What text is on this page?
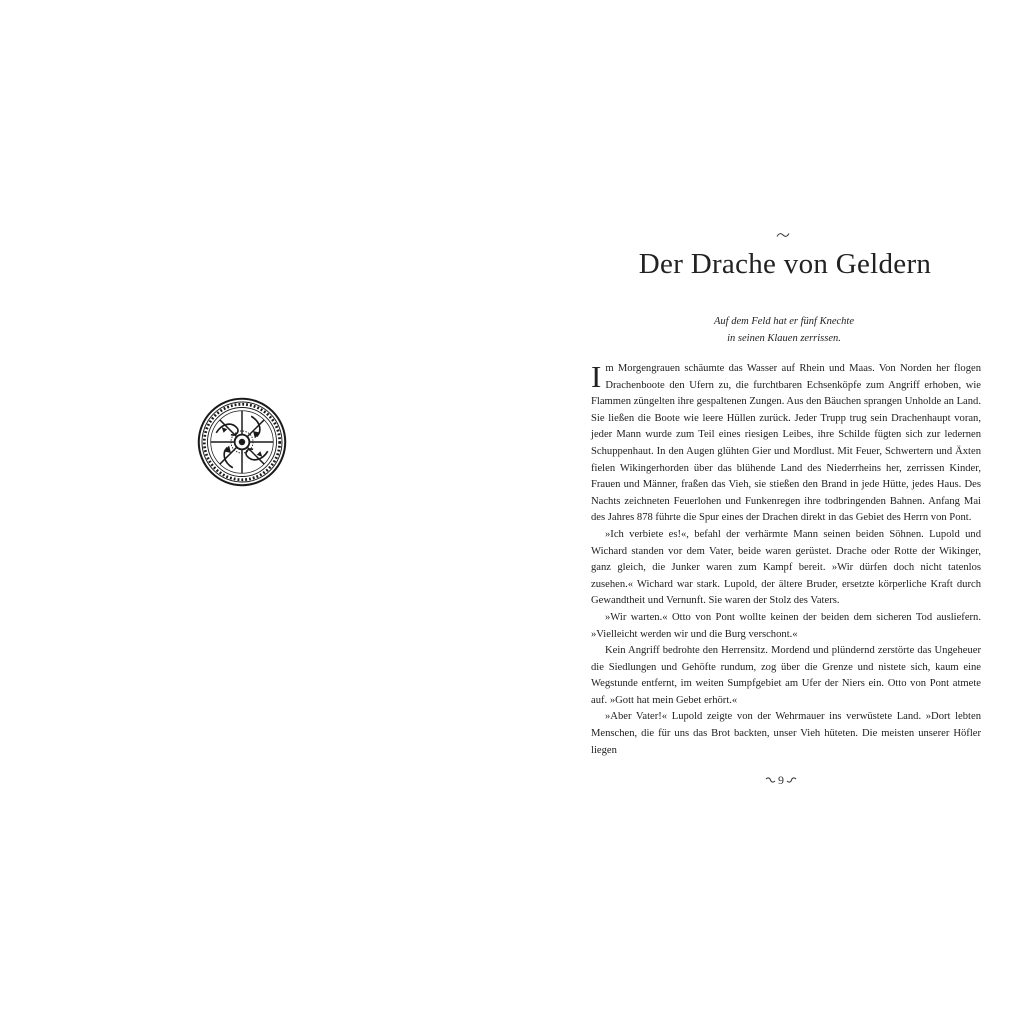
Der Drache von Geldern
Auf dem Feld hat er fünf Knechte
in seinen Klauen zerrissen.

Im Morgengrauen schäumte das Wasser auf Rhein und Maas. Von Norden her flogen Drachenboote den Ufern zu, die furchtbaren Echsenköpfe zum Angriff erhoben, wie Flammen züngelten ihre gespaltenen Zungen. Aus den Bäuchen sprangen Unholde an Land. Sie ließen die Boote wie leere Hüllen zurück. Jeder Trupp trug sein Drachenhaupt voran, jeder Mann wurde zum Teil eines riesigen Leibes, ihre Schilde fügten sich zur ledernen Schuppenhaut. In den Augen glühten Gier und Mordlust. Mit Feuer, Schwertern und Äxten fielen Wikingerhorden über das blühende Land des Niederrheins her, zerrissen Kinder, Frauen und Männer, fraßen das Vieh, sie stießen den Brand in jede Hütte, jedes Haus. Des Nachts zeichneten Feuerlohen und Funkenregen ihre todbringenden Bahnen. Anfang Mai des Jahres 878 führte die Spur eines der Drachen direkt in das Gebiet des Herrn von Pont.

»Ich verbiete es!«, befahl der verhärmte Mann seinen beiden Söhnen. Lupold und Wichard standen vor dem Vater, beide waren gerüstet. Drache oder Rotte der Wikinger, ganz gleich, die Junker waren zum Kampf bereit. »Wir dürfen doch nicht tatenlos zusehen.« Wichard war stark. Lupold, der ältere Bruder, ersetzte körperliche Kraft durch Gewandtheit und Vernunft. Sie waren der Stolz des Vaters.

»Wir warten.« Otto von Pont wollte keinen der beiden dem sicheren Tod ausliefern. »Vielleicht werden wir und die Burg verschont.«

Kein Angriff bedrohte den Herrensitz. Mordend und plündernd zerstörte das Ungeheuer die Siedlungen und Gehöfte rundum, zog über die Grenze und nistete sich, kaum eine Wegstunde entfernt, im weiten Sumpfgebiet am Ufer der Niers ein. Otto von Pont atmete auf. »Gott hat mein Gebet erhört.«

»Aber Vater!« Lupold zeigte von der Wehrmauer ins verwüstete Land. »Dort lebten Menschen, die für uns das Brot backten, unser Vieh hüteten. Die meisten unserer Höfler liegen

9
